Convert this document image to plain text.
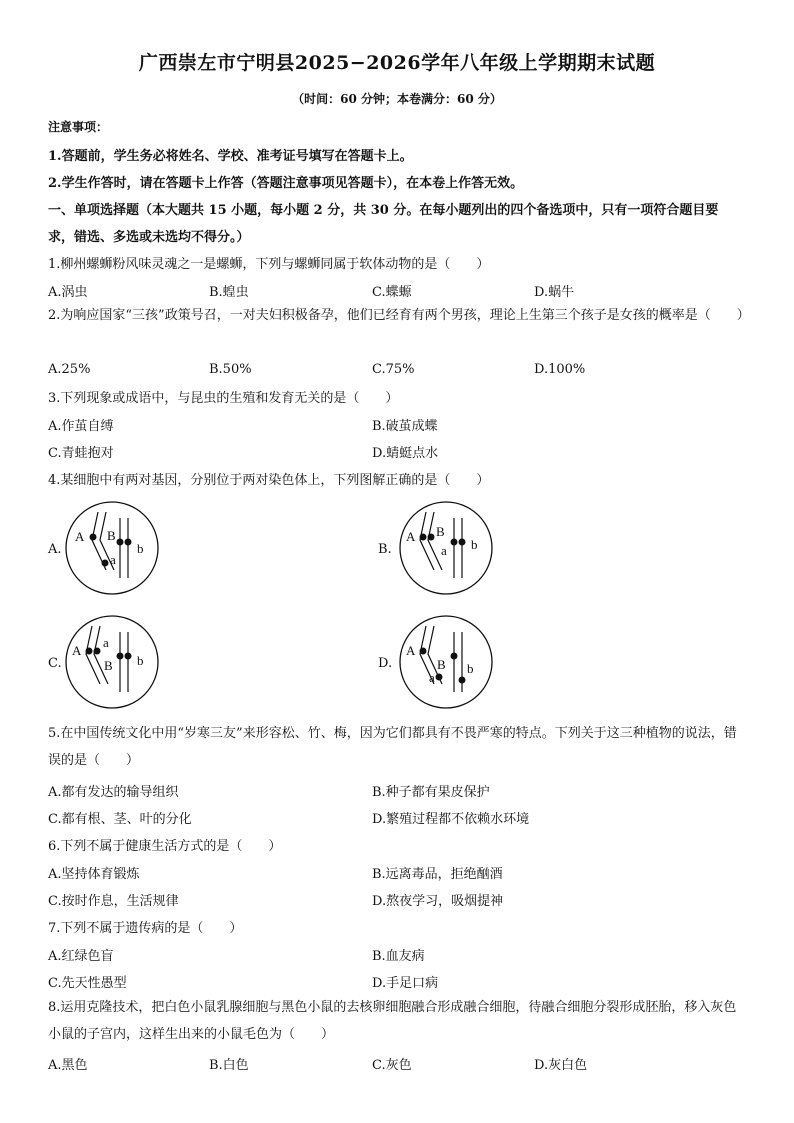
广西崇左市宁明县2025−2026学年八年级上学期期末试题
（时间：60 分钟；本卷满分：60 分）
注意事项：
1.答题前，学生务必将姓名、学校、准考证号填写在答题卡上。
2.学生作答时，请在答题卡上作答（答题注意事项见答题卡），在本卷上作答无效。
一、单项选择题（本大题共 15 小题，每小题 2 分，共 30 分。在每小题列出的四个备选项中，只有一项符合题目要
求，错选、多选或未选均不得分。）
1.柳州螺蛳粉风味灵魂之一是螺蛳，下列与螺蛳同属于软体动物的是（　　）
A.涡虫	B.蝗虫	C.蝶螈	D.蜗牛
2.为响应国家“三孩”政策号召，一对夫妇积极备孕，他们已经育有两个男孩，理论上生第三个孩子是女孩的概率是（　　）
A.25%	B.50%	C.75%	D.100%
3.下列现象或成语中，与昆虫的生殖和发育无关的是（　　）
A.作茧自缚	B.破茧成蝶
C.青蛙抱对	D.蜻蜓点水
4.某细胞中有两对基因，分别位于两对染色体上，下列图解正确的是（　　）
A.
A
a
B
b	B.
A
a
B
b
C.
A
a
B b	D.
A
a
B b
5.在中国传统文化中用“岁寒三友”来形容松、竹、梅，因为它们都具有不畏严寒的特点。下列关于这三种植物的说法，错误的是（　　）
A.都有发达的输导组织	B.种子都有果皮保护
C.都有根、茎、叶的分化	D.繁殖过程都不依赖水环境
6.下列不属于健康生活方式的是（　　）
A.坚持体育锻炼	B.远离毒品，拒绝酗酒
C.按时作息，生活规律	D.熬夜学习，吸烟提神
7.下列不属于遗传病的是（　　）
A.红绿色盲	B.血友病
C.先天性愚型	D.手足口病
8.运用克隆技术，把白色小鼠乳腺细胞与黑色小鼠的去核卵细胞融合形成融合细胞，待融合细胞分裂形成胚胎，移入灰色小鼠的子宫内，这样生出来的小鼠毛色为（　　）
A.黑色	B.白色	C.灰色	D.灰白色
